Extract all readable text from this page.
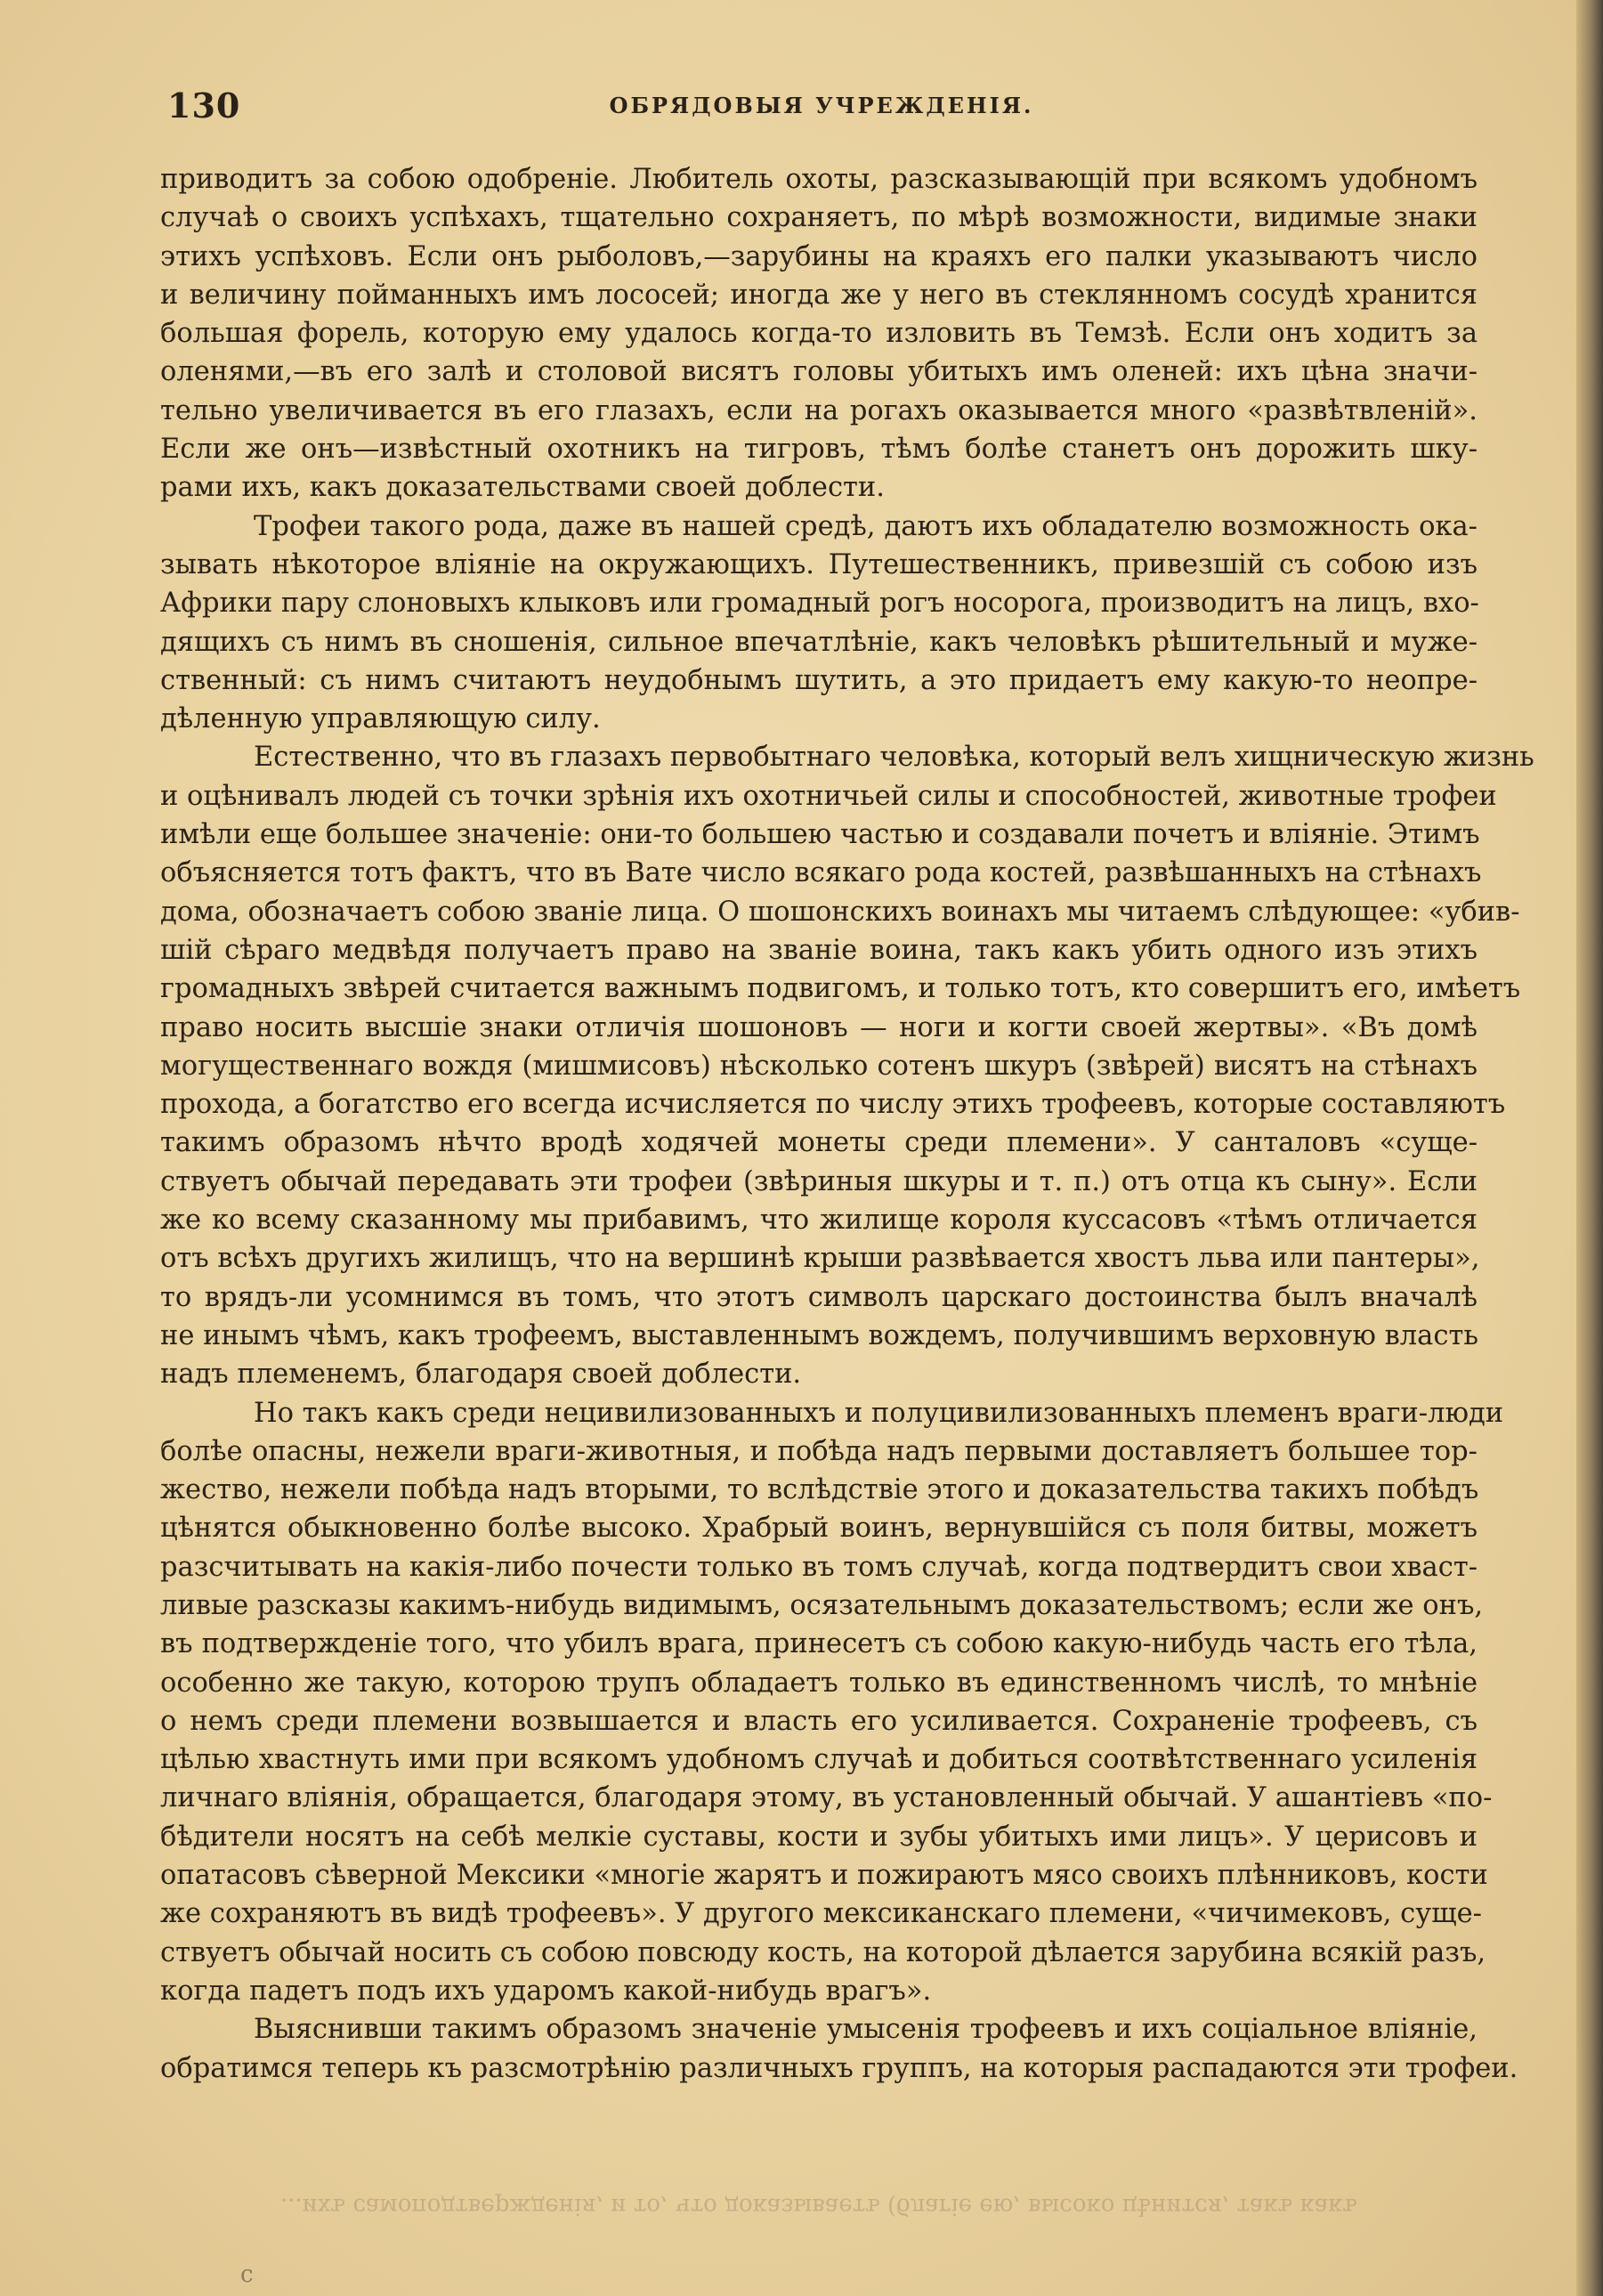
130	ОБРЯДОВЫЯ УЧРЕЖДЕНІЯ.
приводитъ за собою одобреніе. Любитель охоты, разсказывающій при всякомъ удобномъ
случаѣ о своихъ успѣхахъ, тщательно сохраняетъ, по мѣрѣ возможности, видимые знаки
этихъ успѣховъ. Если онъ рыболовъ,—зарубины на краяхъ его палки указываютъ число
и величину пойманныхъ имъ лососей; иногда же у него въ стеклянномъ сосудѣ хранится
большая форель, которую ему удалось когда-то изловить въ Темзѣ. Если онъ ходитъ за
оленями,—въ его залѣ и столовой висятъ головы убитыхъ имъ оленей: ихъ цѣна значи-
тельно увеличивается въ его глазахъ, если на рогахъ оказывается много «развѣтвленій».
Если же онъ—извѣстный охотникъ на тигровъ, тѣмъ болѣе станетъ онъ дорожить шку-
рами ихъ, какъ доказательствами своей доблести.
Трофеи такого рода, даже въ нашей средѣ, даютъ ихъ обладателю возможность ока-
зывать нѣкоторое вліяніе на окружающихъ. Путешественникъ, привезшій съ собою изъ
Африки пару слоновыхъ клыковъ или громадный рогъ носорога, производитъ на лицъ, вхо-
дящихъ съ нимъ въ сношенія, сильное впечатлѣніе, какъ человѣкъ рѣшительный и муже-
ственный: съ нимъ считаютъ неудобнымъ шутить, а это придаетъ ему какую-то неопре-
дѣленную управляющую силу.
Естественно, что въ глазахъ первобытнаго человѣка, который велъ хищническую жизнь
и оцѣнивалъ людей съ точки зрѣнія ихъ охотничьей силы и способностей, животные трофеи
имѣли еще большее значеніе: они-то большею частью и создавали почетъ и вліяніе. Этимъ
объясняется тотъ фактъ, что въ Вате число всякаго рода костей, развѣшанныхъ на стѣнахъ
дома, обозначаетъ собою званіе лица. О шошонскихъ воинахъ мы читаемъ слѣдующее: «убив-
шій сѣраго медвѣдя получаетъ право на званіе воина, такъ какъ убить одного изъ этихъ
громадныхъ звѣрей считается важнымъ подвигомъ, и только тотъ, кто совершитъ его, имѣетъ
право носить высшіе знаки отличія шошоновъ — ноги и когти своей жертвы». «Въ домѣ
могущественнаго вождя (мишмисовъ) нѣсколько сотенъ шкуръ (звѣрей) висятъ на стѣнахъ
прохода, а богатство его всегда исчисляется по числу этихъ трофеевъ, которые составляютъ
такимъ образомъ нѣчто вродѣ ходячей монеты среди племени». У санталовъ «суще-
ствуетъ обычай передавать эти трофеи (звѣриныя шкуры и т. п.) отъ отца къ сыну». Если
же ко всему сказанному мы прибавимъ, что жилище короля куссасовъ «тѣмъ отличается
отъ всѣхъ другихъ жилищъ, что на вершинѣ крыши развѣвается хвостъ льва или пантеры»,
то врядъ-ли усомнимся въ томъ, что этотъ символъ царскаго достоинства былъ вначалѣ
не инымъ чѣмъ, какъ трофеемъ, выставленнымъ вождемъ, получившимъ верховную власть
надъ племенемъ, благодаря своей доблести.
Но такъ какъ среди нецивилизованныхъ и полуцивилизованныхъ племенъ враги-люди
болѣе опасны, нежели враги-животныя, и побѣда надъ первыми доставляетъ большее тор-
жество, нежели побѣда надъ вторыми, то вслѣдствіе этого и доказательства такихъ побѣдъ
цѣнятся обыкновенно болѣе высоко. Храбрый воинъ, вернувшійся съ поля битвы, можетъ
разсчитывать на какія-либо почести только въ томъ случаѣ, когда подтвердитъ свои хваст-
ливые разсказы какимъ-нибудь видимымъ, осязательнымъ доказательствомъ; если же онъ,
въ подтвержденіе того, что убилъ врага, принесетъ съ собою какую-нибудь часть его тѣла,
особенно же такую, которою трупъ обладаетъ только въ единственномъ числѣ, то мнѣніе
о немъ среди племени возвышается и власть его усиливается. Сохраненіе трофеевъ, съ
цѣлью хвастнуть ими при всякомъ удобномъ случаѣ и добиться соотвѣтственнаго усиленія
личнаго вліянія, обращается, благодаря этому, въ установленный обычай. У ашантіевъ «по-
бѣдители носятъ на себѣ мелкіе суставы, кости и зубы убитыхъ ими лицъ». У церисовъ и
опатасовъ сѣверной Мексики «многіе жарятъ и пожираютъ мясо своихъ плѣнниковъ, кости
же сохраняютъ въ видѣ трофеевъ». У другого мексиканскаго племени, «чичимековъ, суще-
ствуетъ обычай носить съ собою повсюду кость, на которой дѣлается зарубина всякій разъ,
когда падетъ подъ ихъ ударомъ какой-нибудь врагъ».
Выяснивши такимъ образомъ значеніе умысенія трофеевъ и ихъ соціальное вліяніе,
обратимся теперь къ разсмотрѣнію различныхъ группъ, на которыя распадаются эти трофеи.
...ихъ самоподтвержденія, и то, что доказываетъ (благіе ею, высоко цѣнится, такъ какъ
с
